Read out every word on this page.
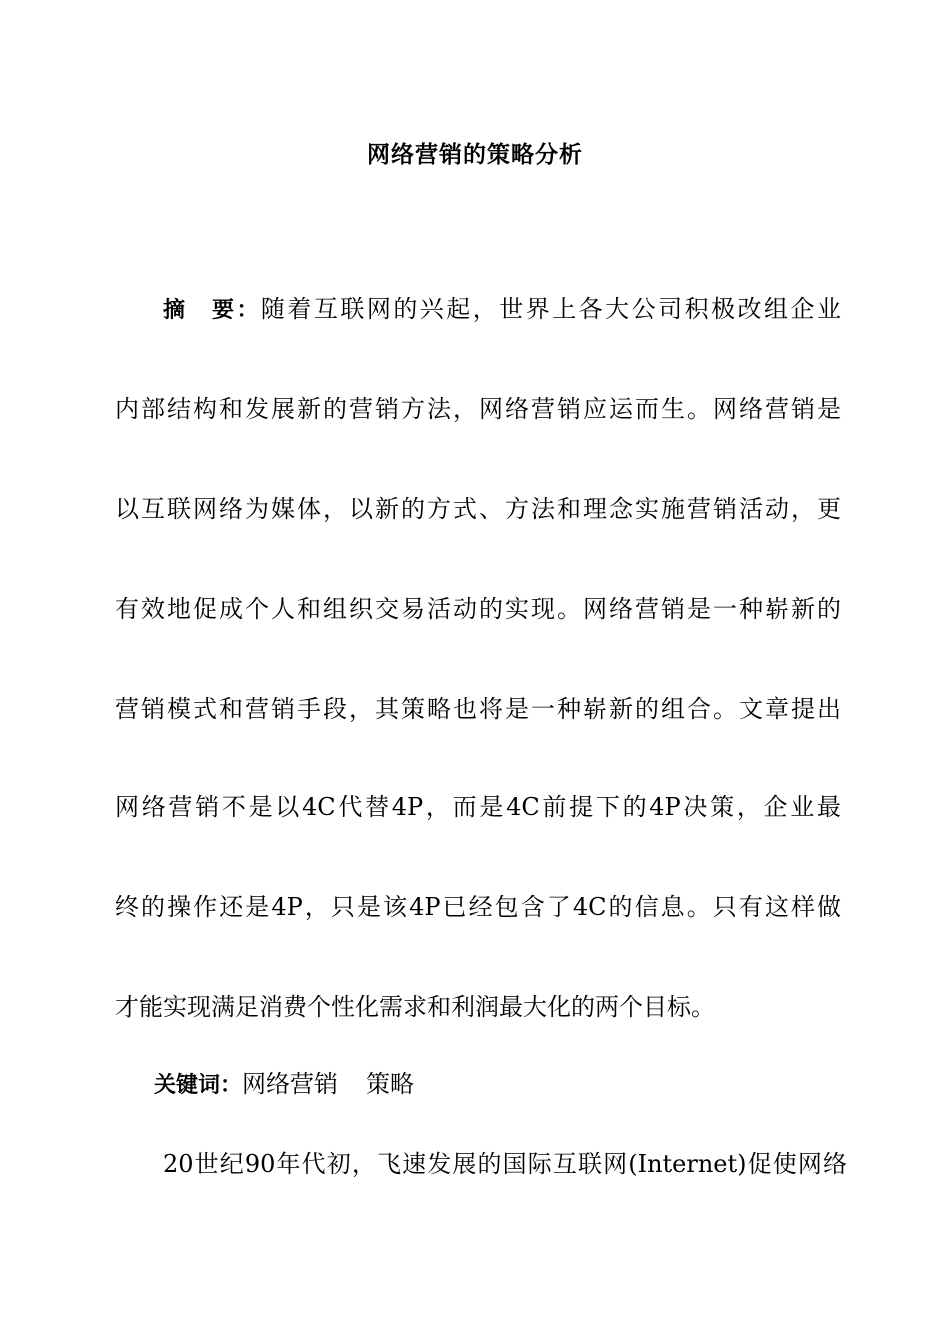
网络营销的策略分析
摘　要：随着互联网的兴起，世界上各大公司积极改组企业
内部结构和发展新的营销方法，网络营销应运而生。网络营销是
以互联网络为媒体，以新的方式、方法和理念实施营销活动，更
有效地促成个人和组织交易活动的实现。网络营销是一种崭新的
营销模式和营销手段，其策略也将是一种崭新的组合。文章提出
网络营销不是以4C代替4P，而是4C前提下的4P决策，企业最
终的操作还是4P，只是该4P已经包含了4C的信息。只有这样做
才能实现满足消费个性化需求和利润最大化的两个目标。
关键词：网络营销 策略
20世纪90年代初，飞速发展的国际互联网(Internet)促使网络
